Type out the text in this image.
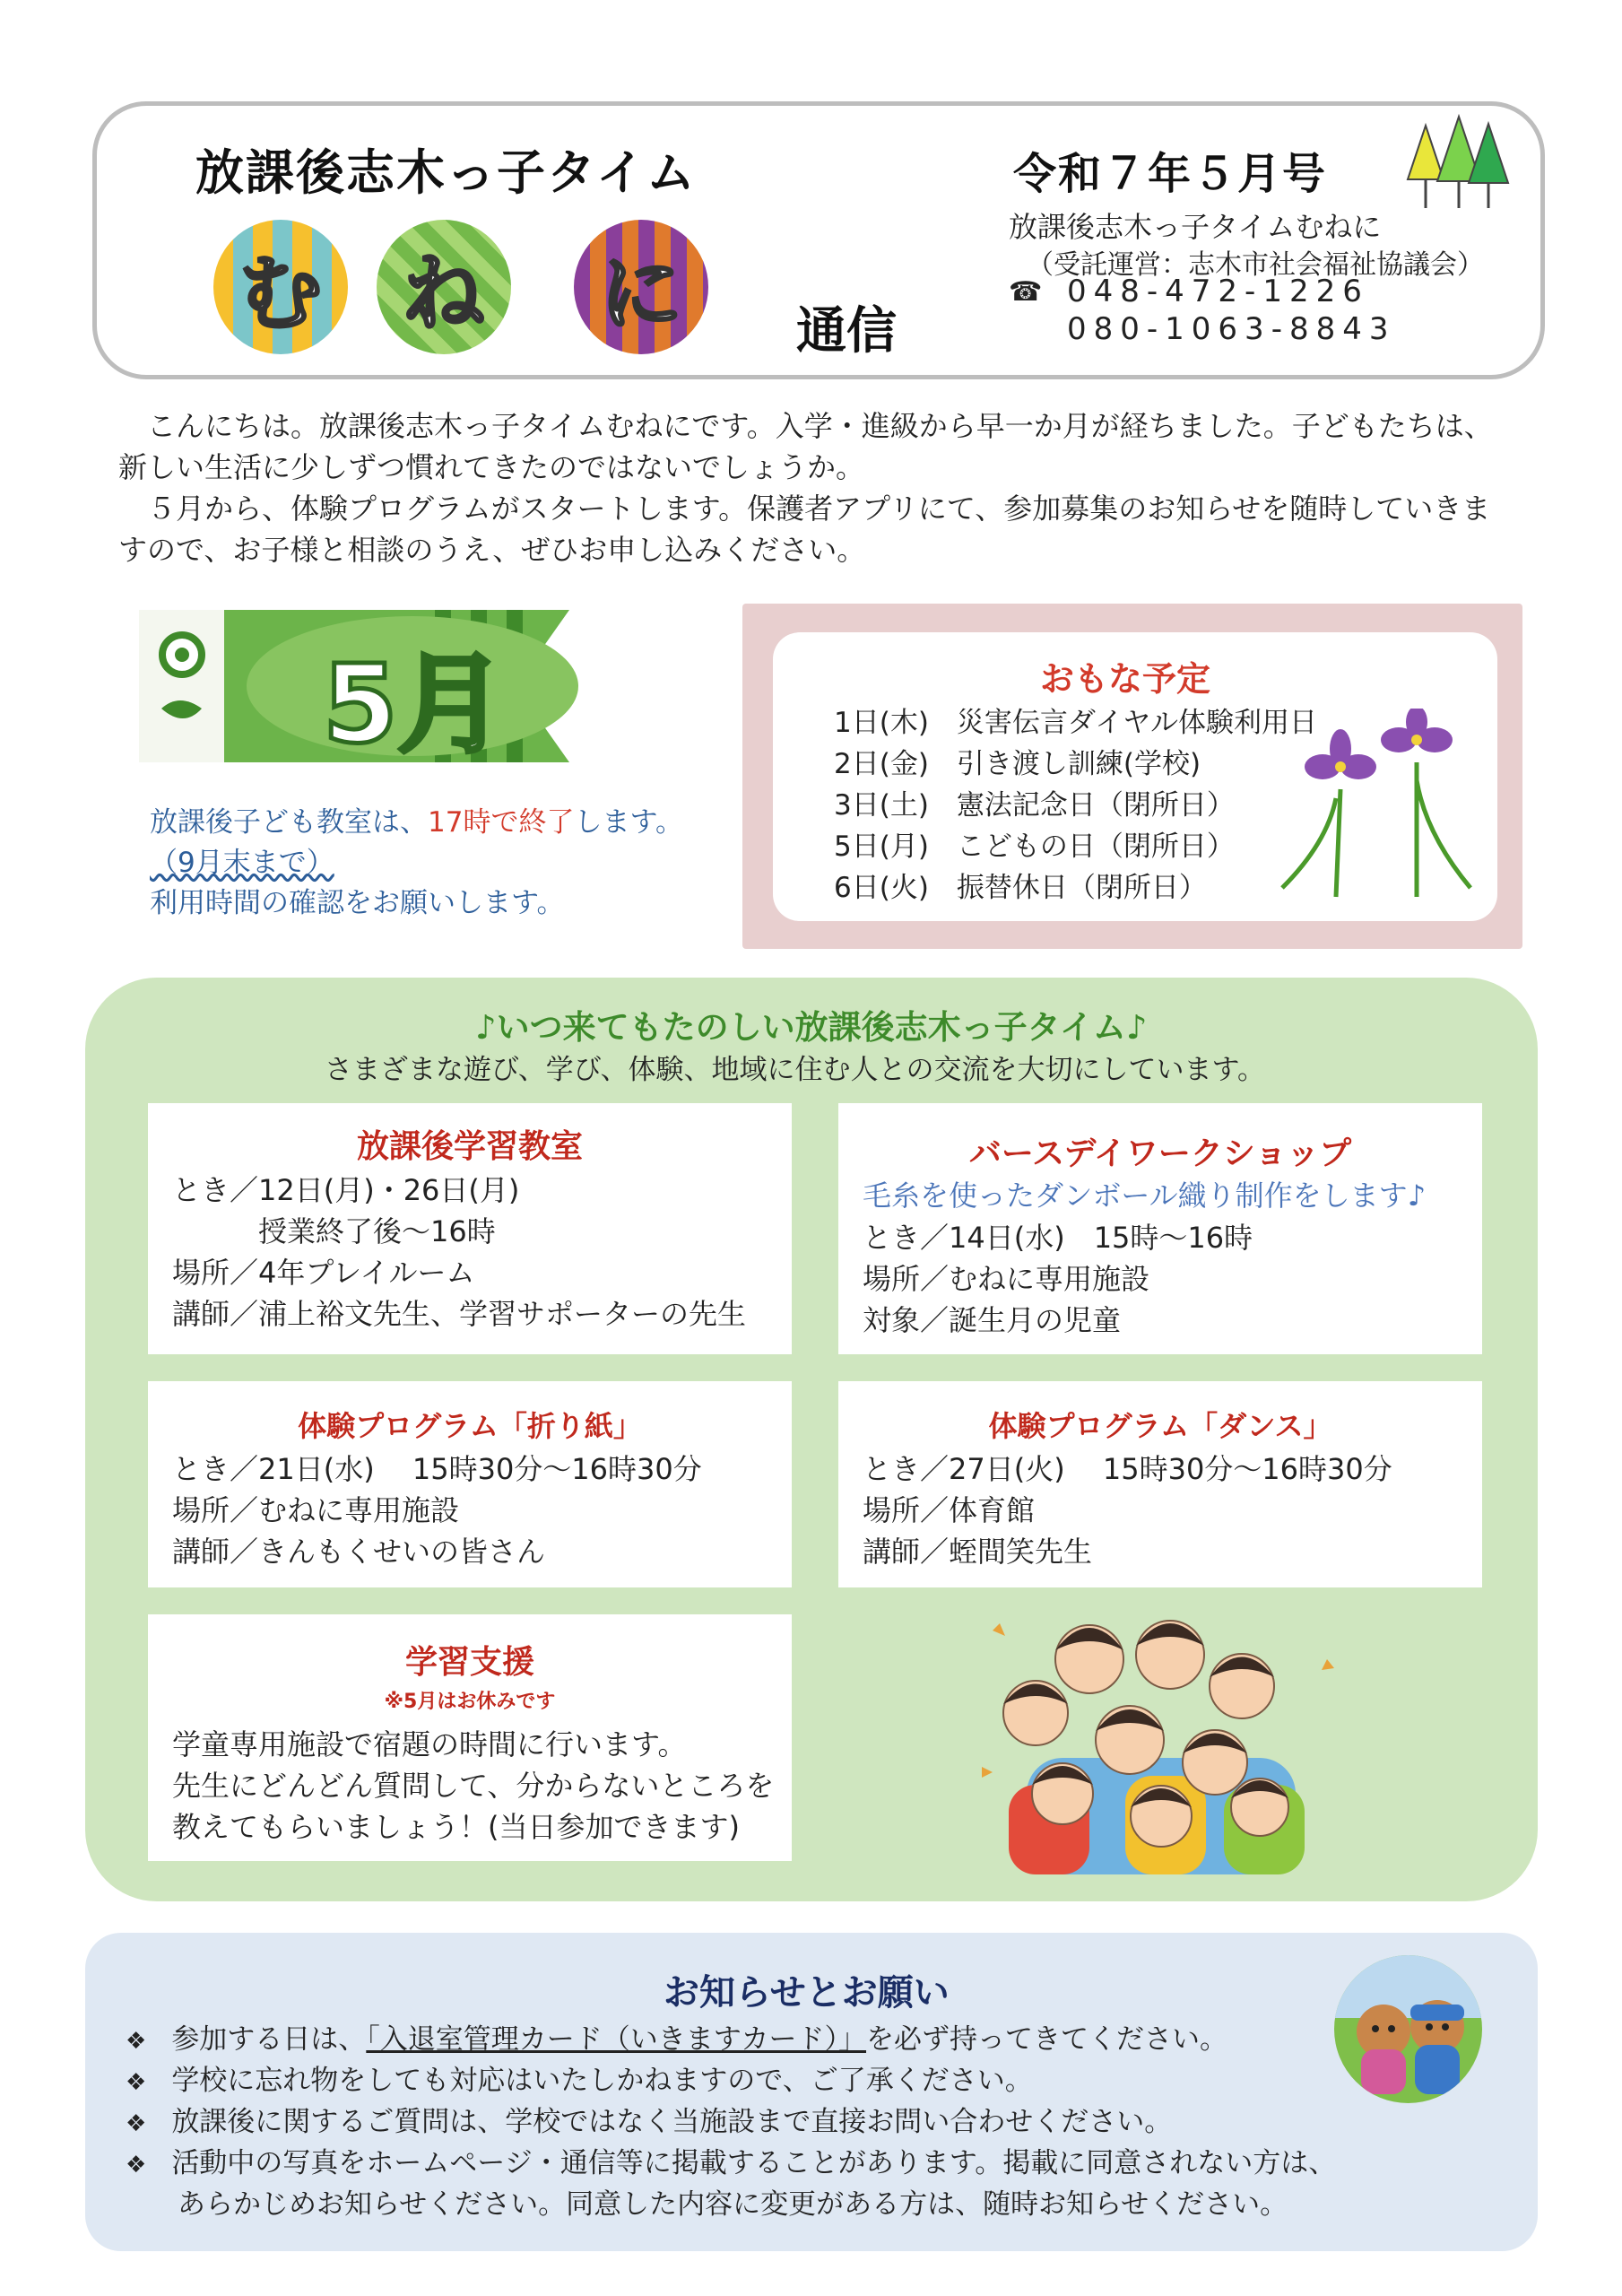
放課後志木っ子タイム
む ね に 通信
令和７年５月号
放課後志木っ子タイムむねに
（受託運営：志木市社会福祉協議会）
☎ 048-472-1226
080-1063-8843
　こんにちは。放課後志木っ子タイムむねにです。入学・進級から早一か月が経ちました。子どもたちは、新しい生活に少しずつ慣れてきたのではないでしょうか。
　５月から、体験プログラムがスタートします。保護者アプリにて、参加募集のお知らせを随時していきますので、お子様と相談のうえ、ぜひお申し込みください。
5月
放課後子ども教室は、17時で終了します。
（9月末まで）
利用時間の確認をお願いします。
おもな予定
1日(木)　災害伝言ダイヤル体験利用日
2日(金)　引き渡し訓練(学校)
3日(土)　憲法記念日（閉所日）
5日(月)　こどもの日（閉所日）
6日(火)　振替休日（閉所日）
♪いつ来てもたのしい放課後志木っ子タイム♪
さまざまな遊び、学び、体験、地域に住む人との交流を大切にしています。
放課後学習教室
とき／12日(月)・26日(月)
　　　授業終了後～16時
場所／4年プレイルーム
講師／浦上裕文先生、学習サポーターの先生
バースデイワークショップ
毛糸を使ったダンボール織り制作をします♪
とき／14日(水)　15時～16時
場所／むねに専用施設
対象／誕生月の児童
体験プログラム「折り紙」
とき／21日(水)　 15時30分～16時30分
場所／むねに専用施設
講師／きんもくせいの皆さん
体験プログラム「ダンス」
とき／27日(火)　 15時30分～16時30分
場所／体育館
講師／蛭間笑先生
学習支援
※5月はお休みです
学童専用施設で宿題の時間に行います。
先生にどんどん質問して、分からないところを
教えてもらいましょう！(当日参加できます)
お知らせとお願い
❖ 参加する日は、「入退室管理カード（いきますカード）」を必ず持ってきてください。
❖ 学校に忘れ物をしても対応はいたしかねますので、ご了承ください。
❖ 放課後に関するご質問は、学校ではなく当施設まで直接お問い合わせください。
❖ 活動中の写真をホームページ・通信等に掲載することがあります。掲載に同意されない方は、
あらかじめお知らせください。同意した内容に変更がある方は、随時お知らせください。
